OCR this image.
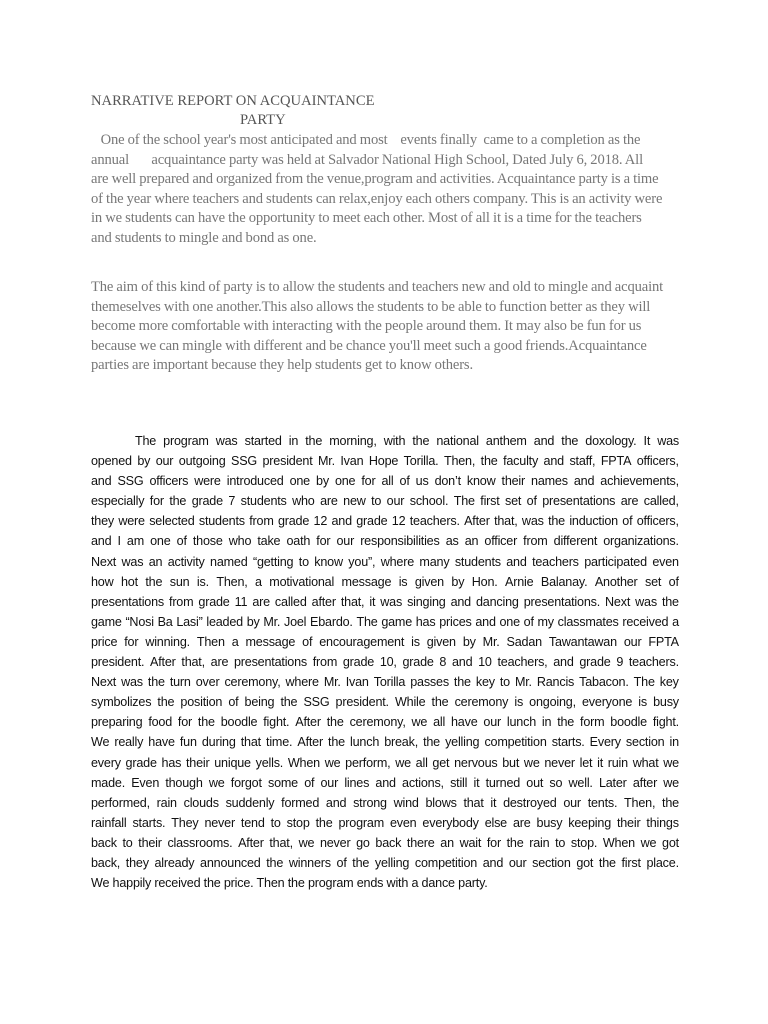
NARRATIVE REPORT ON ACQUAINTANCE
PARTY
One of the school year's most anticipated and most    events finally  came to a completion as the
annual       acquaintance party was held at Salvador National High School, Dated July 6, 2018. All
are well prepared and organized from the venue,program and activities. Acquaintance party is a time
of the year where teachers and students can relax,enjoy each others company. This is an activity were
in we students can have the opportunity to meet each other. Most of all it is a time for the teachers
and students to mingle and bond as one.
The aim of this kind of party is to allow the students and teachers new and old to mingle and acquaint
themeselves with one another.This also allows the students to be able to function better as they will
become more comfortable with interacting with the people around them. It may also be fun for us
because we can mingle with different and be chance you'll meet such a good friends.Acquaintance
parties are important because they help students get to know others.
The program was started in the morning, with the national anthem and the doxology. It was
opened by our outgoing SSG president Mr. Ivan Hope Torilla. Then, the faculty and staff, FPTA officers,
and SSG officers were introduced one by one for all of us don’t know their names and achievements,
especially for the grade 7 students who are new to our school. The first set of presentations are called,
they were selected students from grade 12 and grade 12 teachers. After that, was the induction of officers,
and I am one of those who take oath for our responsibilities as an officer from different organizations.
Next was an activity named “getting to know you”, where many students and teachers participated even
how hot the sun is. Then, a motivational message is given by Hon. Arnie Balanay. Another set of
presentations from grade 11 are called after that, it was singing and dancing presentations. Next was the
game “Nosi Ba Lasi” leaded by Mr. Joel Ebardo. The game has prices and one of my classmates received a
price for winning. Then a message of encouragement is given by Mr. Sadan Tawantawan our FPTA
president. After that, are presentations from grade 10, grade 8 and 10 teachers, and grade 9 teachers.
Next was the turn over ceremony, where Mr. Ivan Torilla passes the key to Mr. Rancis Tabacon. The key
symbolizes the position of being the SSG president. While the ceremony is ongoing, everyone is busy
preparing food for the boodle fight. After the ceremony, we all have our lunch in the form boodle fight.
We really have fun during that time. After the lunch break, the yelling competition starts. Every section in
every grade has their unique yells. When we perform, we all get nervous but we never let it ruin what we
made. Even though we forgot some of our lines and actions, still it turned out so well. Later after we
performed, rain clouds suddenly formed and strong wind blows that it destroyed our tents. Then, the
rainfall starts. They never tend to stop the program even everybody else are busy keeping their things
back to their classrooms. After that, we never go back there an wait for the rain to stop. When we got
back, they already announced the winners of the yelling competition and our section got the first place.
We happily received the price. Then the program ends with a dance party.
